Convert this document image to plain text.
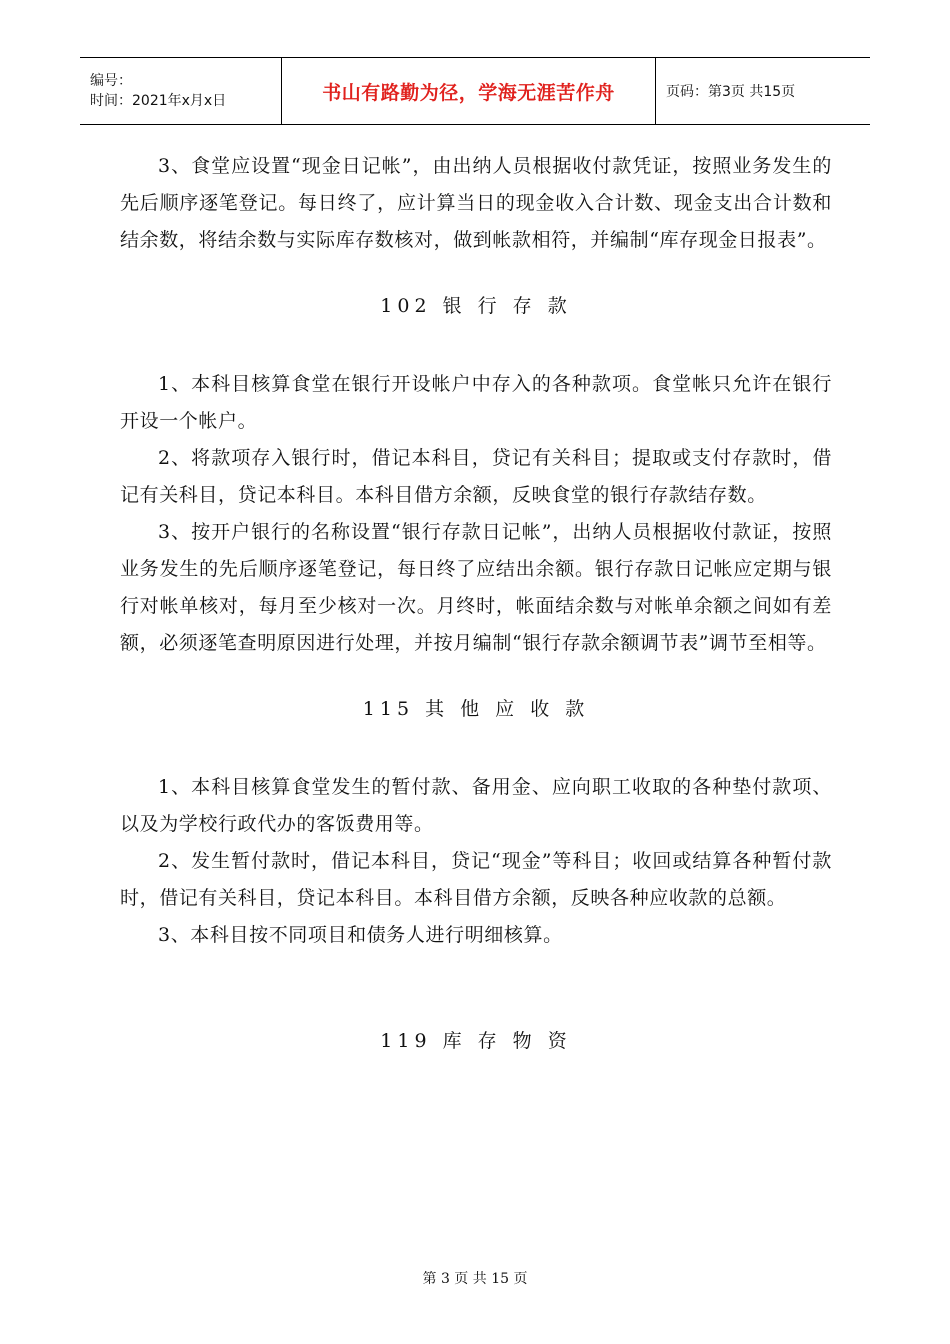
编号：
时间：2021年x月x日	书山有路勤为径，学海无涯苦作舟	页码：第3页 共15页

3、食堂应设置“现金日记帐”，由出纳人员根据收付款凭证，按照业务发生的先后顺序逐笔登记。每日终了，应计算当日的现金收入合计数、现金支出合计数和结余数，将结余数与实际库存数核对，做到帐款相符，并编制“库存现金日报表”。

102 银 行 存 款

1、本科目核算食堂在银行开设帐户中存入的各种款项。食堂帐只允许在银行开设一个帐户。

2、将款项存入银行时，借记本科目，贷记有关科目；提取或支付存款时，借记有关科目，贷记本科目。本科目借方余额，反映食堂的银行存款结存数。

3、按开户银行的名称设置“银行存款日记帐”，出纳人员根据收付款证，按照业务发生的先后顺序逐笔登记，每日终了应结出余额。银行存款日记帐应定期与银行对帐单核对，每月至少核对一次。月终时，帐面结余数与对帐单余额之间如有差额，必须逐笔查明原因进行处理，并按月编制“银行存款余额调节表”调节至相等。

115 其 他 应 收 款

1、本科目核算食堂发生的暂付款、备用金、应向职工收取的各种垫付款项、以及为学校行政代办的客饭费用等。

2、发生暂付款时，借记本科目，贷记“现金”等科目；收回或结算各种暂付款时，借记有关科目，贷记本科目。本科目借方余额，反映各种应收款的总额。

3、本科目按不同项目和债务人进行明细核算。

119 库 存 物 资

第 3 页 共 15 页
